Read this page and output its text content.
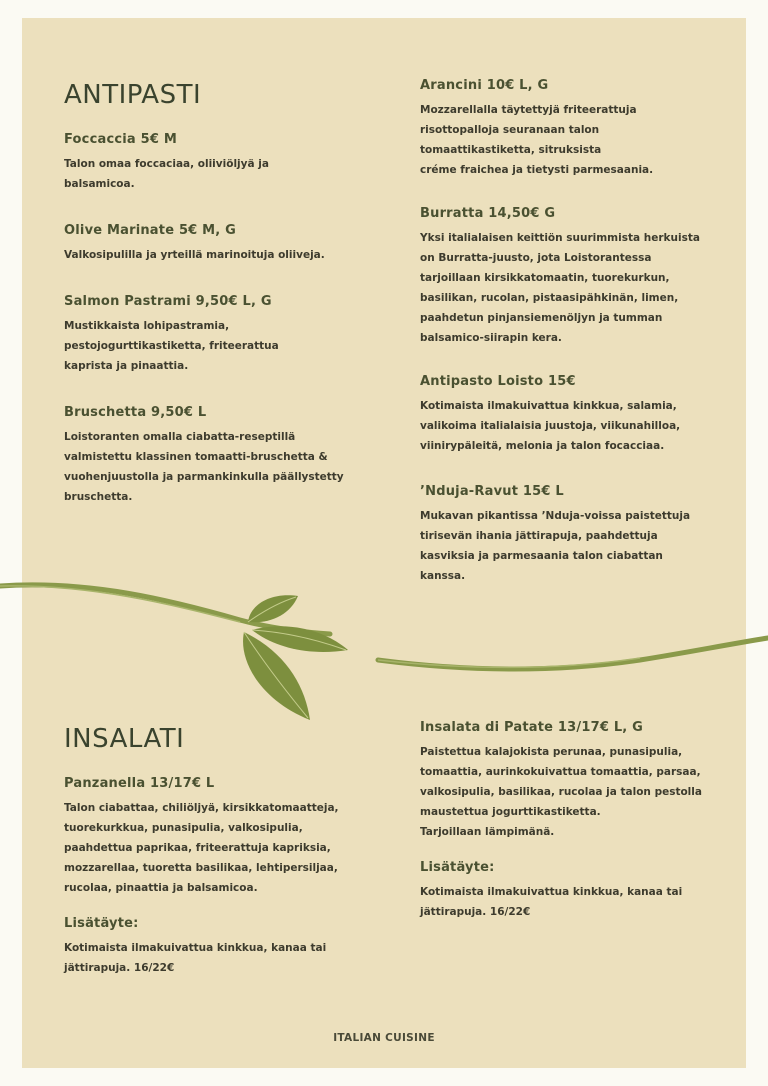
ANTIPASTI

Foccaccia 5€ M

Talon omaa foccaciaa, oliiviöljyä ja
balsamicoa.

Olive Marinate 5€ M, G

Valkosipulilla ja yrteillä marinoituja oliiveja.

Salmon Pastrami 9,50€ L, G

Mustikkaista lohipastramia,
pestojogurttikastiketta, friteerattua
kaprista ja pinaattia.

Bruschetta 9,50€ L

Loistoranten omalla ciabatta-reseptillä
valmistettu klassinen tomaatti-bruschetta &
vuohenjuustolla ja parmankinkulla päällystetty
bruschetta.

Arancini 10€ L, G

Mozzarellalla täytettyjä friteerattuja
risottopalloja seuranaan talon
tomaattikastiketta, sitruksista
créme fraichea ja tietysti parmesaania.

Burratta 14,50€ G

Yksi italialaisen keittiön suurimmista herkuista
on Burratta-juusto, jota Loistorantessa
tarjoillaan kirsikkatomaatin, tuorekurkun,
basilikan, rucolan, pistaasipähkinän, limen,
paahdetun pinjansiemenöljyn ja tumman
balsamico-siirapin kera.

Antipasto Loisto 15€

Kotimaista ilmakuivattua kinkkua, salamia,
valikoima italialaisia juustoja, viikunahilloa,
viinirypäleitä, melonia ja talon focacciaa.

’Nduja-Ravut 15€ L

Mukavan pikantissa ’Nduja-voissa paistettuja
tirisevän ihania jättirapuja, paahdettuja
kasviksia ja parmesaania talon ciabattan
kanssa.

INSALATI

Panzanella 13/17€ L

Talon ciabattaa, chiliöljyä, kirsikkatomaatteja,
tuorekurkkua, punasipulia, valkosipulia,
paahdettua paprikaa, friteerattuja kapriksia,
mozzarellaa, tuoretta basilikaa, lehtipersiljaa,
rucolaa, pinaattia ja balsamicoa.

Lisätäyte:

Kotimaista ilmakuivattua kinkkua, kanaa tai
jättirapuja. 16/22€

Insalata di Patate 13/17€ L, G

Paistettua kalajokista perunaa, punasipulia,
tomaattia, aurinkokuivattua tomaattia, parsaa,
valkosipulia, basilikaa, rucolaa ja talon pestolla
maustettua jogurttikastiketta.
Tarjoillaan lämpimänä.

Lisätäyte:

Kotimaista ilmakuivattua kinkkua, kanaa tai
jättirapuja. 16/22€

ITALIAN CUISINE
